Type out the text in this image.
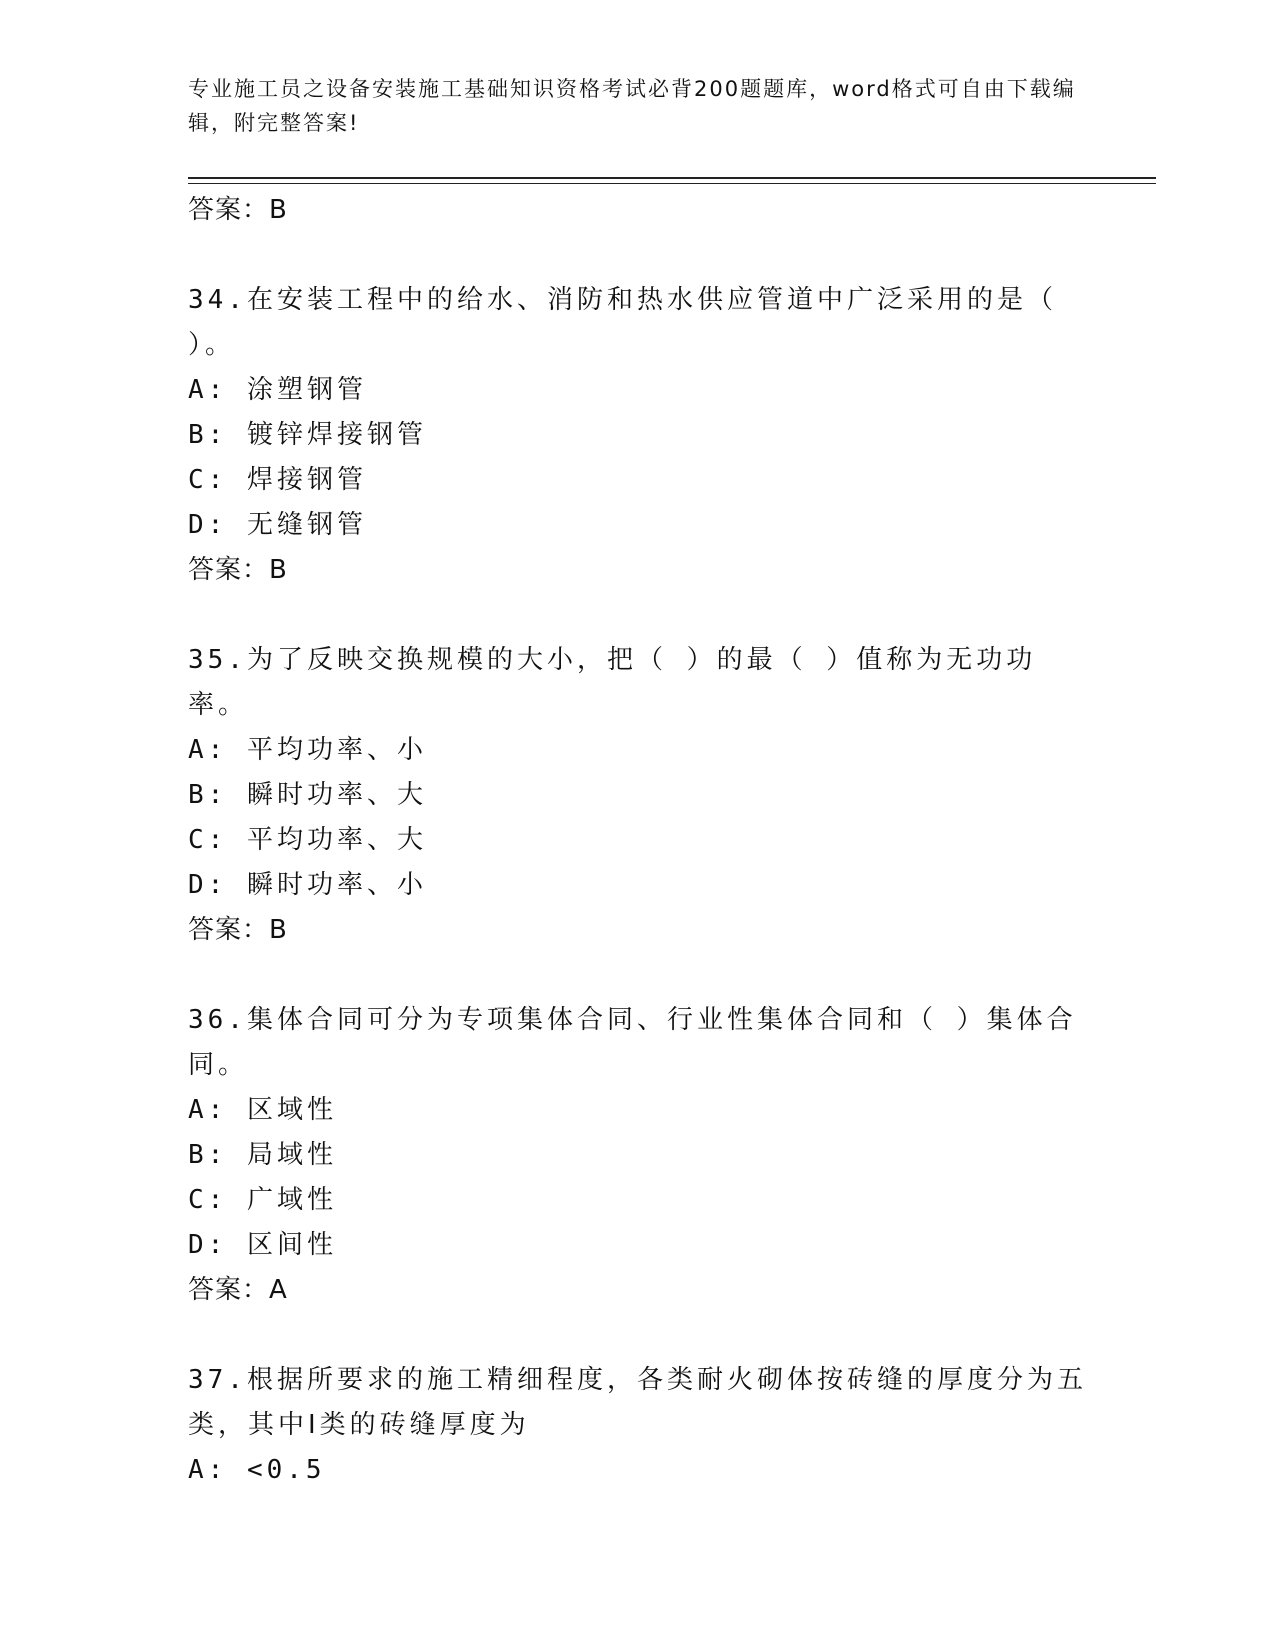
专业施工员之设备安装施工基础知识资格考试必背200题题库，word格式可自由下载编辑，附完整答案!
答案：B
34.在安装工程中的给水、消防和热水供应管道中广泛采用的是（ ）。
A: 涂塑钢管
B: 镀锌焊接钢管
C: 焊接钢管
D: 无缝钢管
答案：B
35.为了反映交换规模的大小，把（ ）的最（ ）值称为无功功率。
A: 平均功率、小
B: 瞬时功率、大
C: 平均功率、大
D: 瞬时功率、小
答案：B
36.集体合同可分为专项集体合同、行业性集体合同和（ ）集体合同。
A: 区域性
B: 局域性
C: 广域性
D: 区间性
答案：A
37.根据所要求的施工精细程度，各类耐火砌体按砖缝的厚度分为五类，其中Ⅰ类的砖缝厚度为
A: <0.5
